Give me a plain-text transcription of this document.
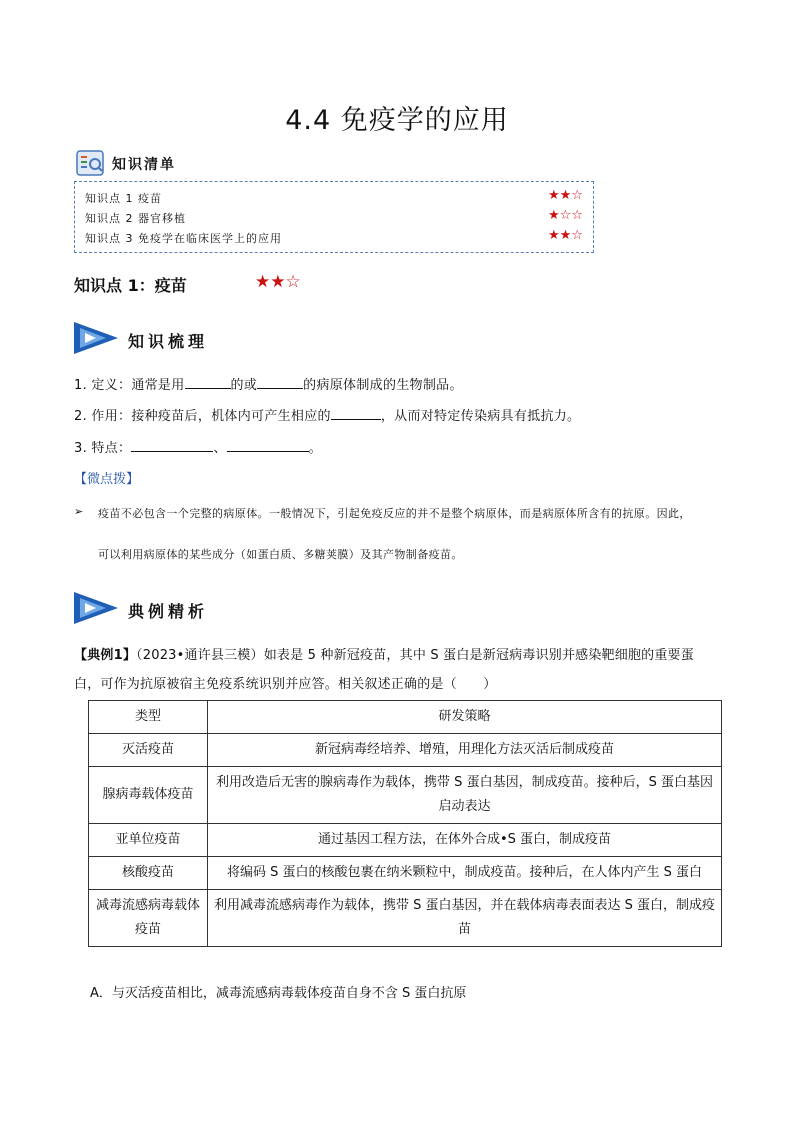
4.4 免疫学的应用
知识清单
知识点 1 疫苗	★★☆
知识点 2 器官移植	★☆☆
知识点 3 免疫学在临床医学上的应用	★★☆
知识点 1：疫苗	★★☆
知识梳理
1. 定义：通常是用	的或	的病原体制成的生物制品。
2. 作用：接种疫苗后，机体内可产生相应的	，从而对特定传染病具有抵抗力。
3. 特点：	、	。
【微点拨】
➢ 疫苗不必包含一个完整的病原体。一般情况下，引起免疫反应的并不是整个病原体，而是病原体所含有的抗原。因此，
可以利用病原体的某些成分（如蛋白质、多糖荚膜）及其产物制备疫苗。
典例精析
【典例1】（2023•通许县三模）如表是 5 种新冠疫苗，其中 S 蛋白是新冠病毒识别并感染靶细胞的重要蛋
白，可作为抗原被宿主免疫系统识别并应答。相关叙述正确的是（　　）
类型	研发策略
灭活疫苗	新冠病毒经培养、增殖，用理化方法灭活后制成疫苗
腺病毒载体疫苗	利用改造后无害的腺病毒作为载体，携带 S 蛋白基因，制成疫苗。接种后，S 蛋白基因启动表达
亚单位疫苗	通过基因工程方法，在体外合成•S 蛋白，制成疫苗
核酸疫苗	将编码 S 蛋白的核酸包裹在纳米颗粒中，制成疫苗。接种后，在人体内产生 S 蛋白
减毒流感病毒载体疫苗	利用减毒流感病毒作为载体，携带 S 蛋白基因，并在载体病毒表面表达 S 蛋白，制成疫苗
A．与灭活疫苗相比，减毒流感病毒载体疫苗自身不含 S 蛋白抗原
